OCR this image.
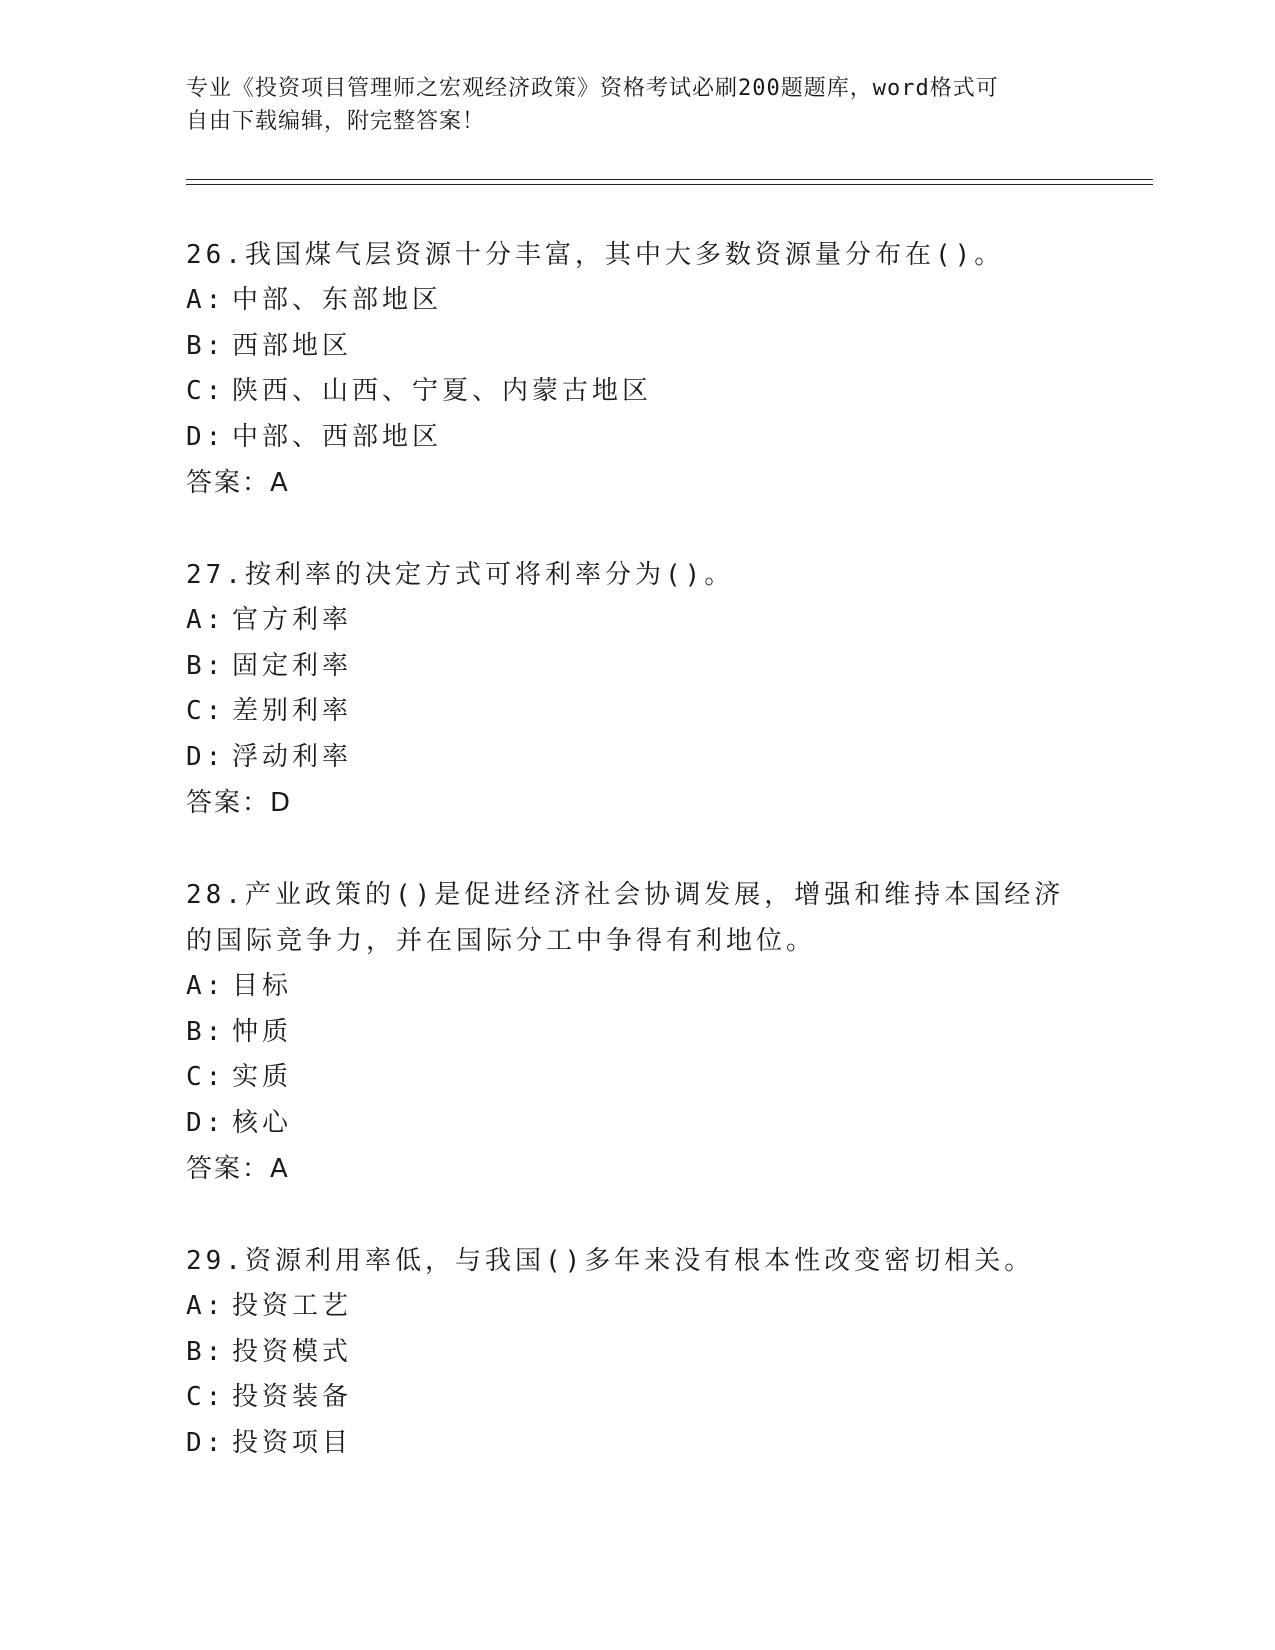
专业《投资项目管理师之宏观经济政策》资格考试必刷200题题库，word格式可
自由下载编辑，附完整答案！
26.我国煤气层资源十分丰富，其中大多数资源量分布在()。
A: 中部、东部地区
B: 西部地区
C: 陕西、山西、宁夏、内蒙古地区
D: 中部、西部地区
答案：A
27.按利率的决定方式可将利率分为()。
A: 官方利率
B: 固定利率
C: 差别利率
D: 浮动利率
答案：D
28.产业政策的()是促进经济社会协调发展，增强和维持本国经济的国际竞争力，并在国际分工中争得有利地位。
A: 目标
B: 忡质
C: 实质
D: 核心
答案：A
29.资源利用率低，与我国()多年来没有根本性改变密切相关。
A: 投资工艺
B: 投资模式
C: 投资装备
D: 投资项目
